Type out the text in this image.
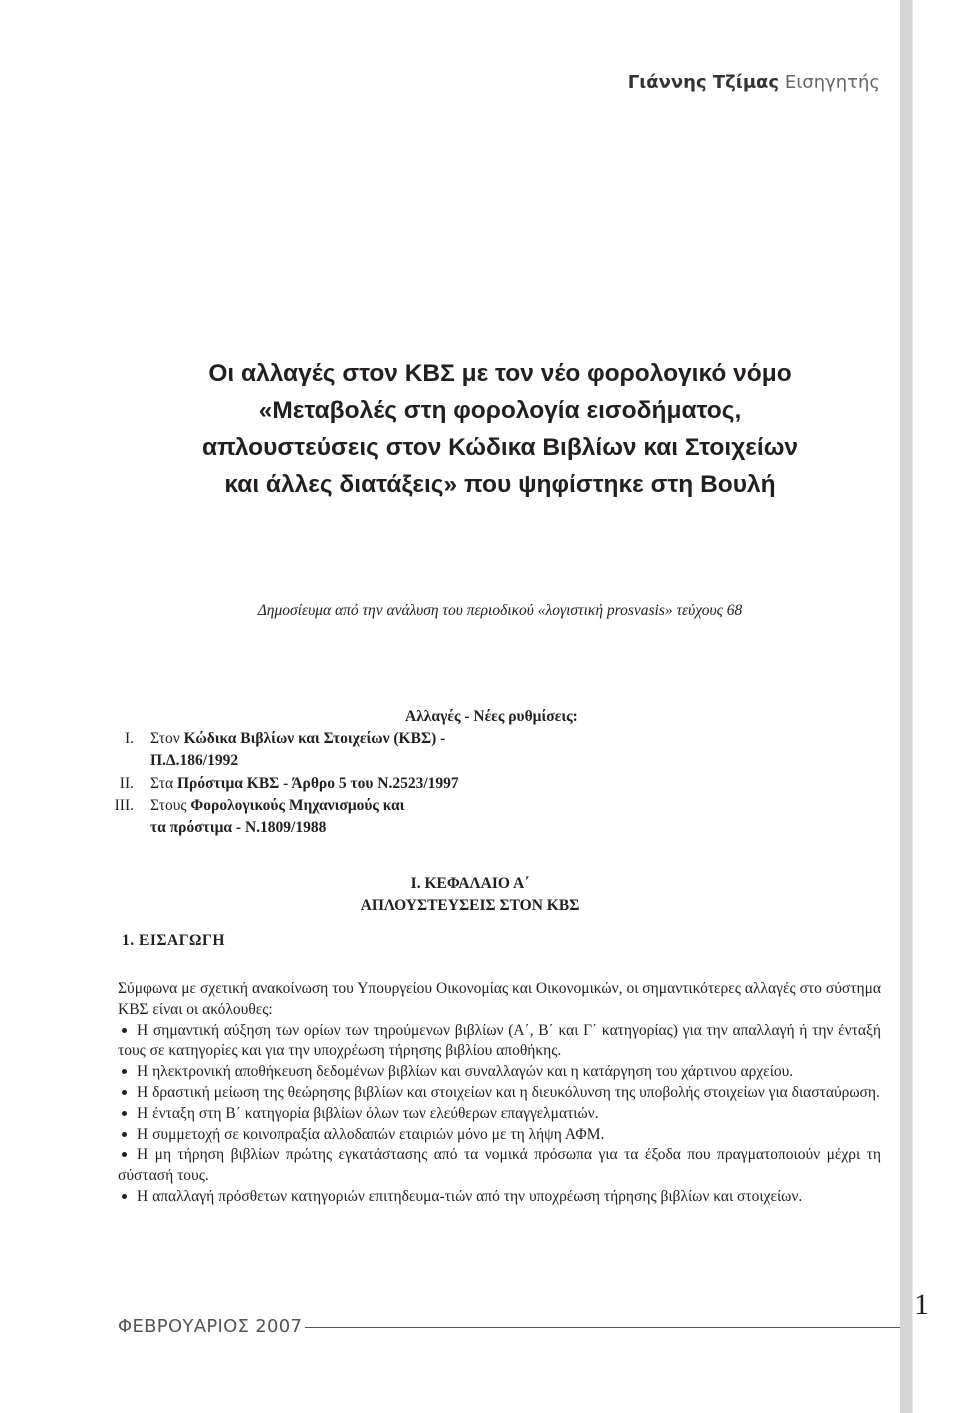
Γιάννης Τζίμας Εισηγητής
Οι αλλαγές στον ΚΒΣ με τον νέο φορολογικό νόμο
«Μεταβολές στη φορολογία εισοδήματος,
απλουστεύσεις στον Κώδικα Βιβλίων και Στοιχείων
και άλλες διατάξεις» που ψηφίστηκε στη Βουλή
Δημοσίευμα από την ανάλυση του περιοδικού «λογιστική prosvasis» τεύχους 68
Αλλαγές - Νέες ρυθμίσεις:
I. Στον Κώδικα Βιβλίων και Στοιχείων (ΚΒΣ) -
Π.Δ.186/1992
II. Στα Πρόστιμα ΚΒΣ - Άρθρο 5 του Ν.2523/1997
III. Στους Φορολογικούς Μηχανισμούς και
τα πρόστιμα - Ν.1809/1988
Ι. ΚΕΦΑΛΑΙΟ Α΄
ΑΠΛΟΥΣΤΕΥΣΕΙΣ ΣΤΟΝ ΚΒΣ
1. ΕΙΣΑΓΩΓΗ

Σύμφωνα με σχετική ανακοίνωση του Υπουργείου Οικονομίας και Οικονομικών, οι σημαντικότερες αλλαγές στο σύστημα ΚΒΣ είναι οι ακόλουθες:

Η σημαντική αύξηση των ορίων των τηρούμενων βιβλίων (Α΄, Β΄ και Γ΄ κατηγορίας) για την απαλλαγή ή την ένταξή τους σε κατηγορίες και για την υποχρέωση τήρησης βιβλίου αποθήκης.
Η ηλεκτρονική αποθήκευση δεδομένων βιβλίων και συναλλαγών και η κατάργηση του χάρτινου αρχείου.
Η δραστική μείωση της θεώρησης βιβλίων και στοιχείων και η διευκόλυνση της υποβολής στοιχείων για διασταύρωση.
Η ένταξη στη Β΄ κατηγορία βιβλίων όλων των ελεύθερων επαγγελματιών.
Η συμμετοχή σε κοινοπραξία αλλοδαπών εταιριών μόνο με τη λήψη ΑΦΜ.
Η μη τήρηση βιβλίων πρώτης εγκατάστασης από τα νομικά πρόσωπα για τα έξοδα που πραγματοποιούν μέχρι τη σύστασή τους.
Η απαλλαγή πρόσθετων κατηγοριών επιτηδευμα-τιών από την υποχρέωση τήρησης βιβλίων και στοιχείων.
ΦΕΒΡΟΥΑΡΙΟΣ 2007
1
